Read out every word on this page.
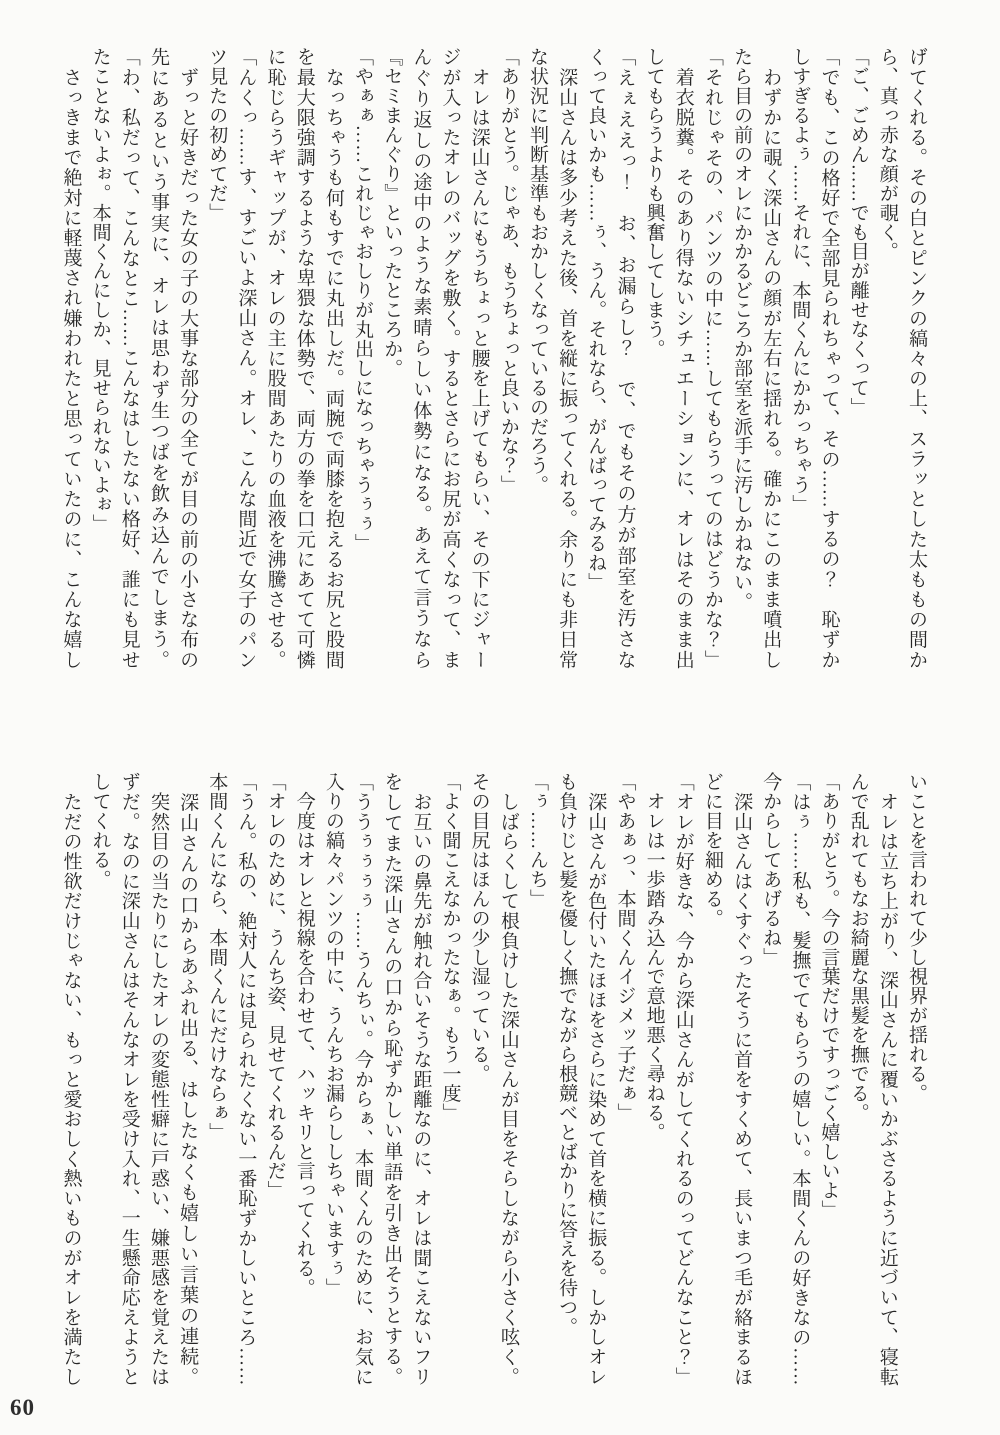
げてくれる。その白とピンクの縞々の上、スラッとした太ももの間か
ら、真っ赤な顔が覗く。
「ご、ごめん……でも目が離せなくって」
「でも、この格好で全部見られちゃって、その……するの？　恥ずか
しすぎるよぅ……それに、本間くんにかかっちゃう」
　わずかに覗く深山さんの顔が左右に揺れる。確かにこのまま噴出し
たら目の前のオレにかかるどころか部室を派手に汚しかねない。
「それじゃその、パンツの中に……してもらうってのはどうかな？」
　着衣脱糞。そのあり得ないシチュエーションに、オレはそのまま出
してもらうよりも興奮してしまう。
「えぇええっ！　お、お漏らし？　で、でもその方が部室を汚さな
くって良いかも……ぅ、うん。それなら、がんばってみるね」
　深山さんは多少考えた後、首を縦に振ってくれる。余りにも非日常
な状況に判断基準もおかしくなっているのだろう。
「ありがとう。じゃあ、もうちょっと良いかな？」
　オレは深山さんにもうちょっと腰を上げてもらい、その下にジャー
ジが入ったオレのバッグを敷く。するとさらにお尻が高くなって、ま
んぐり返しの途中のような素晴らしい体勢になる。あえて言うなら
『セミまんぐり』といったところか。
「やぁぁ……これじゃおしりが丸出しになっちゃうぅぅ」
　なっちゃうも何もすでに丸出しだ。両腕で両膝を抱えるお尻と股間
を最大限強調するような卑猥な体勢で、両方の拳を口元にあてて可憐
に恥じらうギャップが、オレの主に股間あたりの血液を沸騰させる。
「んくっ……す、すごいよ深山さん。オレ、こんな間近で女子のパン
ツ見たの初めてだ」
　ずっと好きだった女の子の大事な部分の全てが目の前の小さな布の
先にあるという事実に、オレは思わず生つばを飲み込んでしまう。
「わ、私だって、こんなとこ……こんなはしたない格好、誰にも見せ
たことないよぉ。本間くんにしか、見せられないよぉ」
　さっきまで絶対に軽蔑され嫌われたと思っていたのに、こんな嬉し
いことを言われて少し視界が揺れる。
　オレは立ち上がり、深山さんに覆いかぶさるように近づいて、寝転
んで乱れてもなお綺麗な黒髪を撫でる。
「ありがとう。今の言葉だけですっごく嬉しいよ」
「はぅ……私も、髪撫でてもらうの嬉しい。本間くんの好きなの……
今からしてあげるね」
　深山さんはくすぐったそうに首をすくめて、長いまつ毛が絡まるほ
どに目を細める。
「オレが好きな、今から深山さんがしてくれるのってどんなこと？」
　オレは一歩踏み込んで意地悪く尋ねる。
「やあぁっ、本間くんイジメッ子だぁ」
　深山さんが色付いたほほをさらに染めて首を横に振る。しかしオレ
も負けじと髪を優しく撫でながら根競べとばかりに答えを待つ。
「ぅ……んち」
　しばらくして根負けした深山さんが目をそらしながら小さく呟く。
その目尻はほんの少し湿っている。
「よく聞こえなかったなぁ。もう一度」
　お互いの鼻先が触れ合いそうな距離なのに、オレは聞こえないフリ
をしてまた深山さんの口から恥ずかしい単語を引き出そうとする。
「ううぅぅぅぅ……うんちぃ。今からぁ、本間くんのために、お気に
入りの縞々パンツの中に、うんちお漏らししちゃいますぅ」
　今度はオレと視線を合わせて、ハッキリと言ってくれる。
「オレのために、うんち姿、見せてくれるんだ」
「うん。私の、絶対人には見られたくない一番恥ずかしいところ……
本間くんになら、本間くんにだけならぁ」
　深山さんの口からあふれ出る、はしたなくも嬉しい言葉の連続。
　突然目の当たりにしたオレの変態性癖に戸惑い、嫌悪感を覚えたは
ずだ。なのに深山さんはそんなオレを受け入れ、一生懸命応えようと
してくれる。
　ただの性欲だけじゃない、もっと愛おしく熱いものがオレを満たし
60
